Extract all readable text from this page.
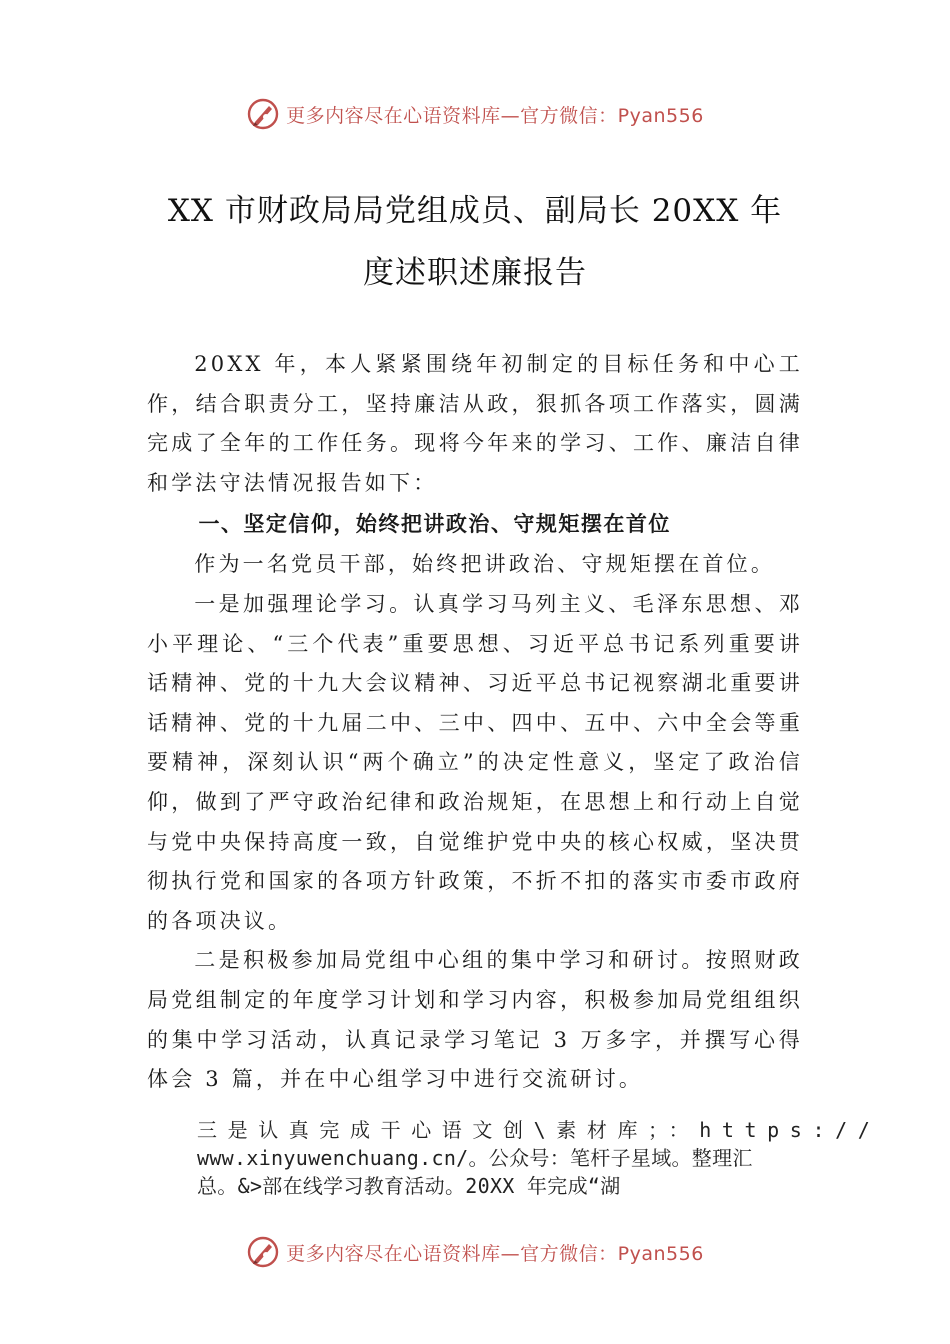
更多内容尽在心语资料库—官方微信：Pyan556
XX 市财政局局党组成员、副局长 20XX 年
度述职述廉报告

20XX 年，本人紧紧围绕年初制定的目标任务和中心工作，结合职责分工，坚持廉洁从政，狠抓各项工作落实，圆满完成了全年的工作任务。现将今年来的学习、工作、廉洁自律和学法守法情况报告如下：

一、坚定信仰，始终把讲政治、守规矩摆在首位

作为一名党员干部，始终把讲政治、守规矩摆在首位。

一是加强理论学习。认真学习马列主义、毛泽东思想、邓小平理论、“三个代表”重要思想、习近平总书记系列重要讲话精神、党的十九大会议精神、习近平总书记视察湖北重要讲话精神、党的十九届二中、三中、四中、五中、六中全会等重要精神，深刻认识“两个确立”的决定性意义，坚定了政治信仰，做到了严守政治纪律和政治规矩，在思想上和行动上自觉与党中央保持高度一致，自觉维护党中央的核心权威，坚决贯彻执行党和国家的各项方针政策，不折不扣的落实市委市政府的各项决议。

二是积极参加局党组中心组的集中学习和研讨。按照财政局党组制定的年度学习计划和学习内容，积极参加局党组组织的集中学习活动，认真记录学习笔记 3 万多字，并撰写心得体会 3 篇，并在中心组学习中进行交流研讨。

三是认真完成干心语文创\素材库；：https://
www.xinyuwenchuang.cn/。公众号：笔杆子星域。整理汇
总。&>部在线学习教育活动。20XX 年完成“湖
更多内容尽在心语资料库—官方微信：Pyan556
